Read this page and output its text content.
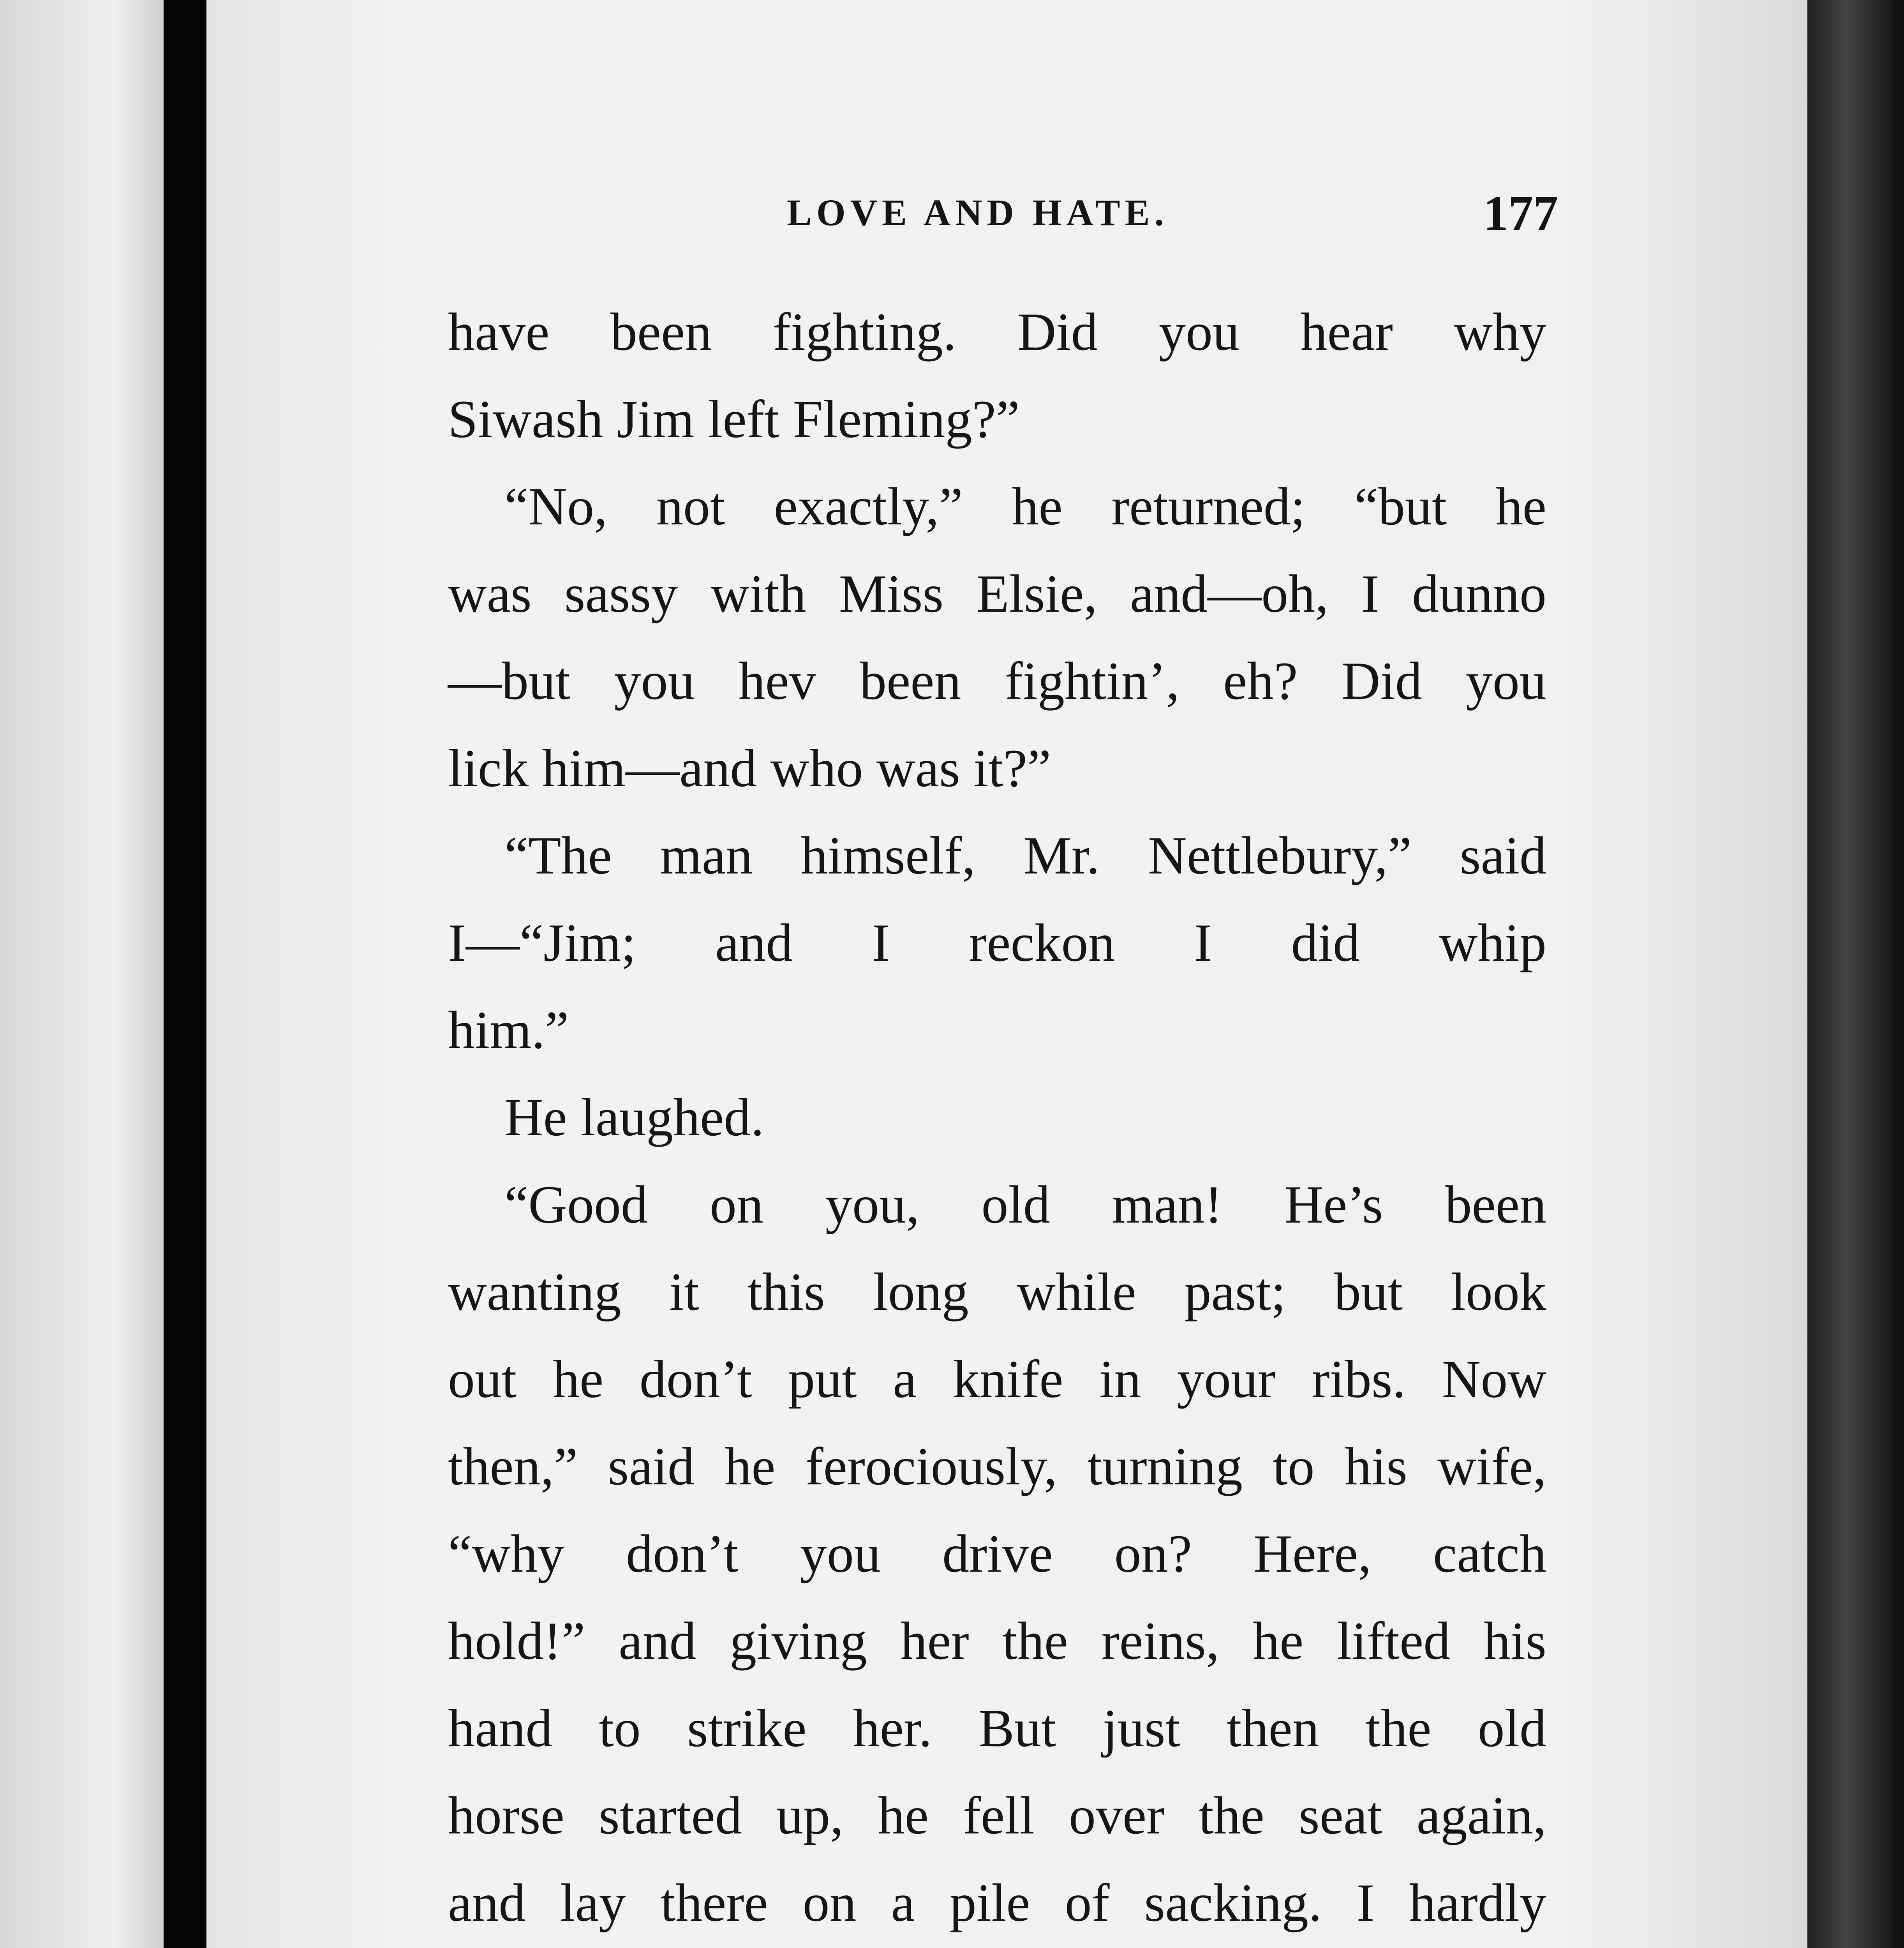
LOVE AND HATE.	177
have been fighting. Did you hear why
Siwash Jim left Fleming?”
“No, not exactly,” he returned; “but he
was sassy with Miss Elsie, and—oh, I dunno
—but you hev been fightin’, eh? Did you
lick him—and who was it?”
“The man himself, Mr. Nettlebury,” said
I—“Jim; and I reckon I did whip
him.”
He laughed.
“Good on you, old man! He’s been
wanting it this long while past; but look
out he don’t put a knife in your ribs. Now
then,” said he ferociously, turning to his wife,
“why don’t you drive on? Here, catch
hold!” and giving her the reins, he lifted his
hand to strike her. But just then the old
horse started up, he fell over the seat again,
and lay there on a pile of sacking. I hardly
